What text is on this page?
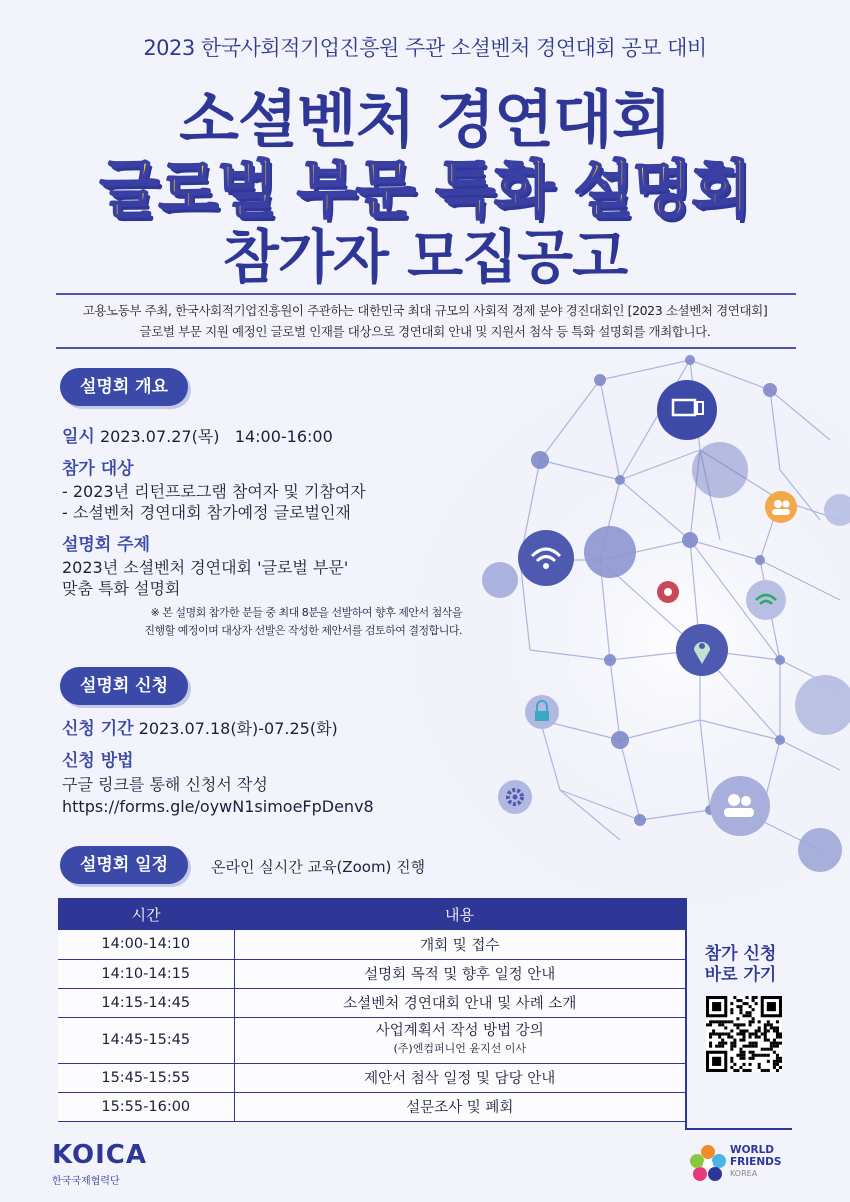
2023 한국사회적기업진흥원 주관 소셜벤처 경연대회 공모 대비
소셜벤처 경연대회
글로벌 부문 특화 설명회
참가자 모집공고
고용노동부 주최, 한국사회적기업진흥원이 주관하는 대한민국 최대 규모의 사회적 경제 분야 경진대회인 [2023 소셜벤처 경연대회]
글로벌 부문 지원 예정인 글로벌 인재를 대상으로 경연대회 안내 및 지원서 첨삭 등 특화 설명회를 개최합니다.
설명회 개요
일시 2023.07.27(목)   14:00-16:00
참가 대상
- 2023년 리턴프로그램 참여자 및 기참여자
- 소셜벤처 경연대회 참가예정 글로벌인재
설명회 주제
2023년 소셜벤처 경연대회 '글로벌 부문'
맞춤 특화 설명회
※ 본 설명회 참가한 분들 중 최대 8분을 선발하여 향후 제안서 첨삭을
진행할 예정이며 대상자 선발은 작성한 제안서를 검토하여 결정합니다.
설명회 신청
신청 기간 2023.07.18(화)-07.25(화)
신청 방법
구글 링크를 통해 신청서 작성
https://forms.gle/oywN1simoeFpDenv8
설명회 일정	온라인 실시간 교육(Zoom) 진행
시간	내용
14:00-14:10	개회 및 접수
14:10-14:15	설명회 목적 및 향후 일정 안내
14:15-14:45	소셜벤처 경연대회 안내 및 사례 소개
14:45-15:45	사업계획서 작성 방법 강의
(주)엔컴퍼니언 윤지선 이사

15:45-15:55	제안서 첨삭 일정 및 담당 안내
15:55-16:00	설문조사 및 폐회
참가 신청
바로 가기
KOICA
한국국제협력단
WORLD
FRIENDS
KOREA
